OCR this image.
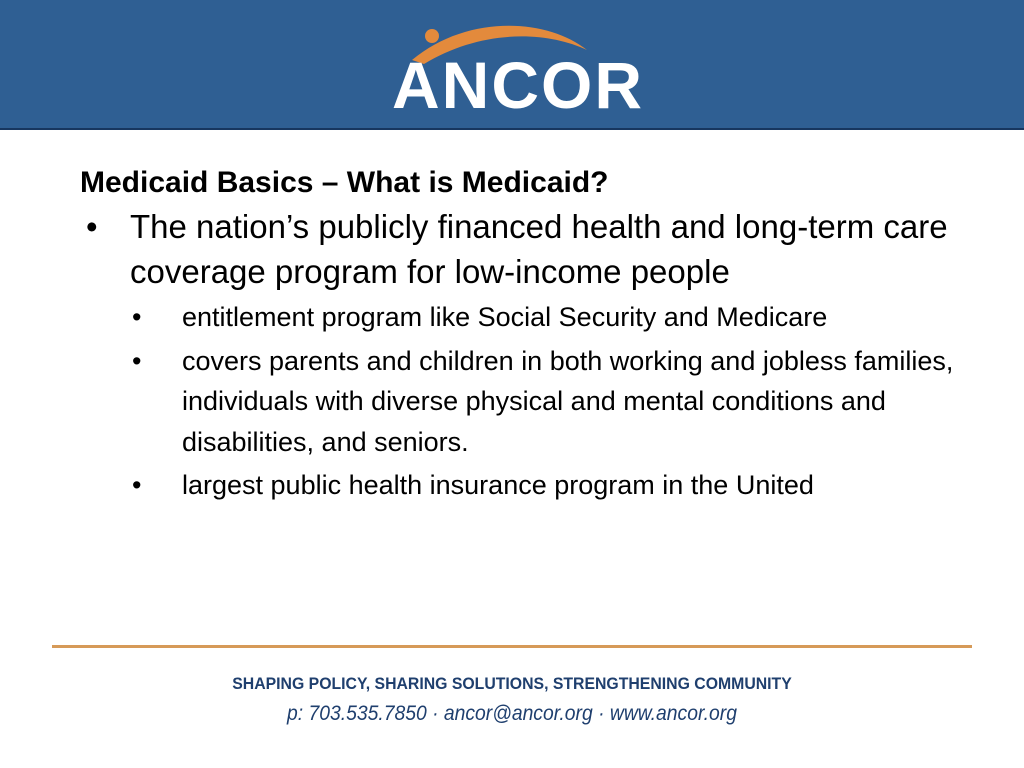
ANCOR
Medicaid Basics – What is Medicaid?
• The nation’s publicly financed health and long-term care coverage program for low-income people
• entitlement program like Social Security and Medicare
• covers parents and children in both working and jobless families, individuals with diverse physical and mental conditions and disabilities, and seniors.
• largest public health insurance program in the United
SHAPING POLICY, SHARING SOLUTIONS, STRENGTHENING COMMUNITY
p: 703.535.7850 · ancor@ancor.org · www.ancor.org
